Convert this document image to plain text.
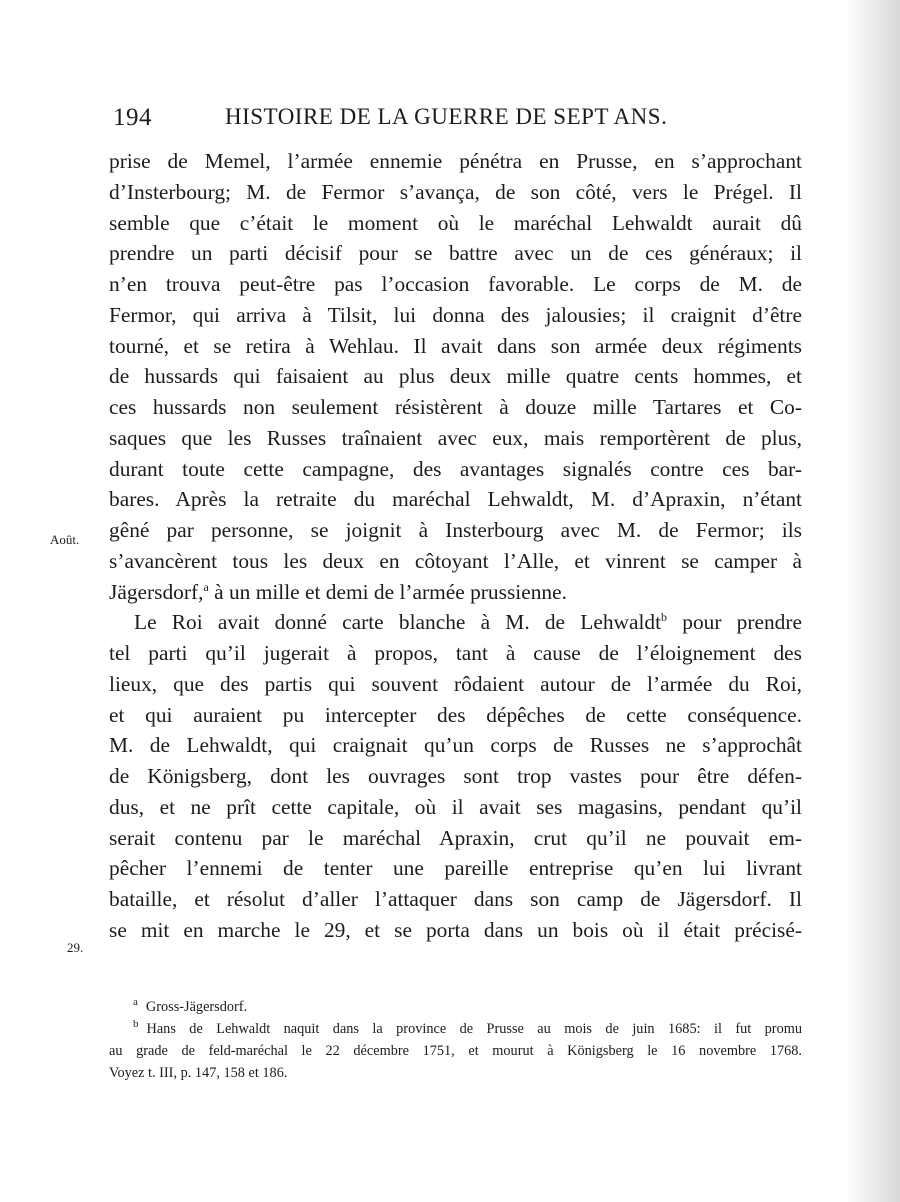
194	HISTOIRE DE LA GUERRE DE SEPT ANS.
Août.
29.
prise de Memel, l’armée ennemie pénétra en Prusse, en s’approchant
d’Insterbourg; M. de Fermor s’avança, de son côté, vers le Prégel. Il
semble que c’était le moment où le maréchal Lehwaldt aurait dû
prendre un parti décisif pour se battre avec un de ces généraux; il
n’en trouva peut-être pas l’occasion favorable. Le corps de M. de
Fermor, qui arriva à Tilsit, lui donna des jalousies; il craignit d’être
tourné, et se retira à Wehlau. Il avait dans son armée deux régiments
de hussards qui faisaient au plus deux mille quatre cents hommes, et
ces hussards non seulement résistèrent à douze mille Tartares et Co-
saques que les Russes traînaient avec eux, mais remportèrent de plus,
durant toute cette campagne, des avantages signalés contre ces bar-
bares. Après la retraite du maréchal Lehwaldt, M. d’Apraxin, n’étant
gêné par personne, se joignit à Insterbourg avec M. de Fermor; ils
s’avancèrent tous les deux en côtoyant l’Alle, et vinrent se camper à
Jägersdorf,$^a$ à un mille et demi de l’armée prussienne.
Le Roi avait donné carte blanche à M. de Lehwaldt$^b$ pour prendre
tel parti qu’il jugerait à propos, tant à cause de l’éloignement des
lieux, que des partis qui souvent rôdaient autour de l’armée du Roi,
et qui auraient pu intercepter des dépêches de cette conséquence.
M. de Lehwaldt, qui craignait qu’un corps de Russes ne s’approchât
de Königsberg, dont les ouvrages sont trop vastes pour être défen-
dus, et ne prît cette capitale, où il avait ses magasins, pendant qu’il
serait contenu par le maréchal Apraxin, crut qu’il ne pouvait em-
pêcher l’ennemi de tenter une pareille entreprise qu’en lui livrant
bataille, et résolut d’aller l’attaquer dans son camp de Jägersdorf. Il
se mit en marche le 29, et se porta dans un bois où il était précisé-
$^a$ Gross-Jägersdorf.
$^b$ Hans de Lehwaldt naquit dans la province de Prusse au mois de juin 1685: il fut promu
au grade de feld-maréchal le 22 décembre 1751, et mourut à Königsberg le 16 novembre 1768.
Voyez t. III, p. 147, 158 et 186.
